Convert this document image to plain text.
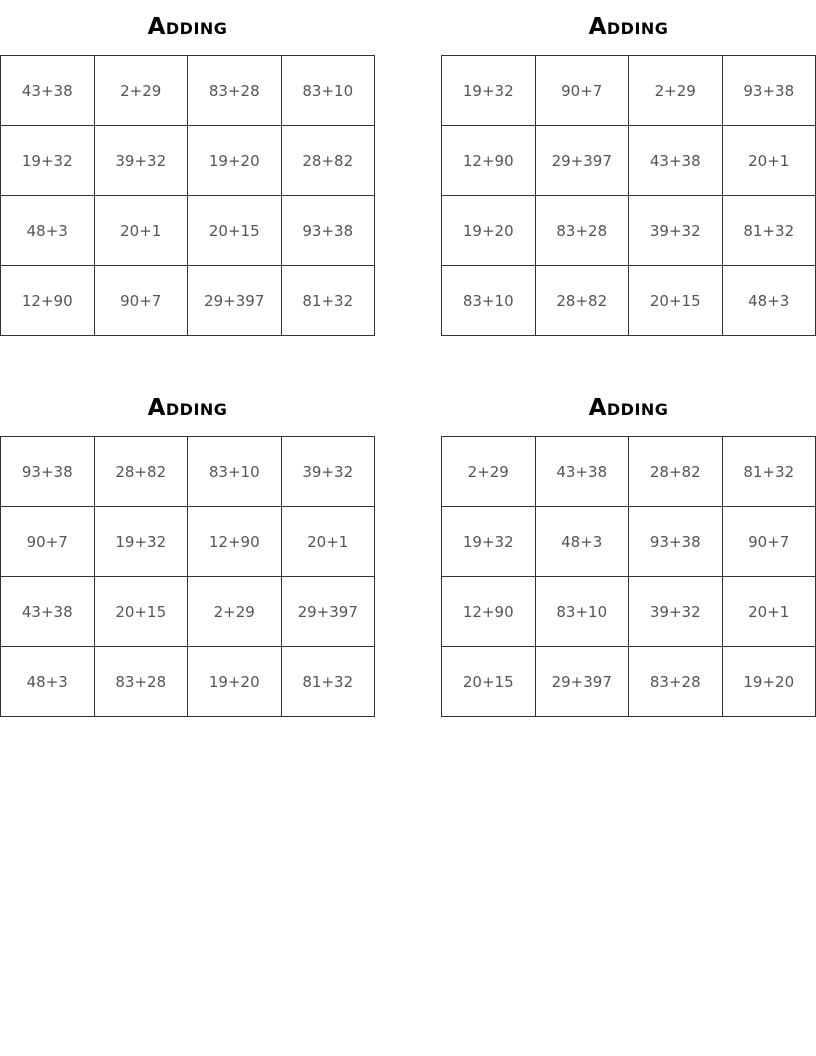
Adding
43+38	2+29	83+28	83+10
19+32	39+32	19+20	28+82
48+3	20+1	20+15	93+38
12+90	90+7	29+397	81+32
Adding
19+32	90+7	2+29	93+38
12+90	29+397	43+38	20+1
19+20	83+28	39+32	81+32
83+10	28+82	20+15	48+3
Adding
93+38	28+82	83+10	39+32
90+7	19+32	12+90	20+1
43+38	20+15	2+29	29+397
48+3	83+28	19+20	81+32
Adding
2+29	43+38	28+82	81+32
19+32	48+3	93+38	90+7
12+90	83+10	39+32	20+1
20+15	29+397	83+28	19+20
